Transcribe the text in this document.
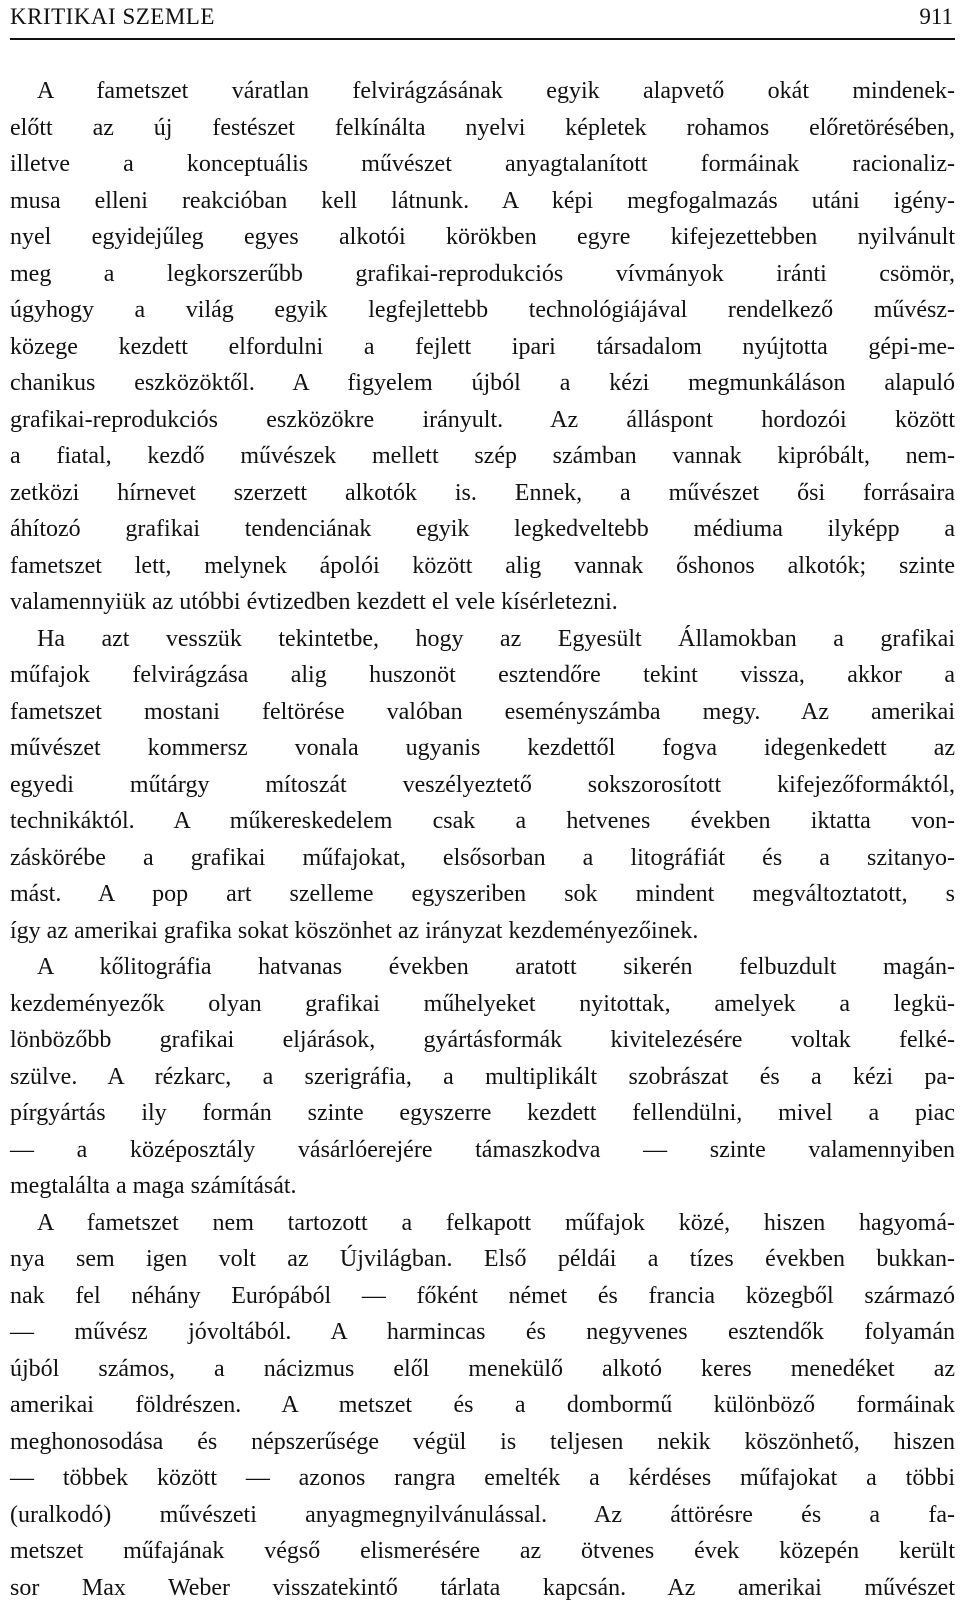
KRITIKAI SZEMLE	911
A fametszet váratlan felvirágzásának egyik alapvető okát mindenek-
előtt az új festészet felkínálta nyelvi képletek rohamos előretörésében,
illetve a konceptuális művészet anyagtalanított formáinak racionaliz-
musa elleni reakcióban kell látnunk. A képi megfogalmazás utáni igény-
nyel egyidejűleg egyes alkotói körökben egyre kifejezettebben nyilvánult
meg a legkorszerűbb grafikai-reprodukciós vívmányok iránti csömör,
úgyhogy a világ egyik legfejlettebb technológiájával rendelkező művész-
közege kezdett elfordulni a fejlett ipari társadalom nyújtotta gépi-me-
chanikus eszközöktől. A figyelem újból a kézi megmunkáláson alapuló
grafikai-reprodukciós eszközökre irányult. Az álláspont hordozói között
a fiatal, kezdő művészek mellett szép számban vannak kipróbált, nem-
zetközi hírnevet szerzett alkotók is. Ennek, a művészet ősi forrásaira
áhítozó grafikai tendenciának egyik legkedveltebb médiuma ilyképp a
fametszet lett, melynek ápolói között alig vannak őshonos alkotók; szinte
valamennyiük az utóbbi évtizedben kezdett el vele kísérletezni.
Ha azt vesszük tekintetbe, hogy az Egyesült Államokban a grafikai
műfajok felvirágzása alig huszonöt esztendőre tekint vissza, akkor a
fametszet mostani feltörése valóban eseményszámba megy. Az amerikai
művészet kommersz vonala ugyanis kezdettől fogva idegenkedett az
egyedi műtárgy mítoszát veszélyeztető sokszorosított kifejezőformáktól,
technikáktól. A műkereskedelem csak a hetvenes években iktatta von-
záskörébe a grafikai műfajokat, elsősorban a litográfiát és a szitanyo-
mást. A pop art szelleme egyszeriben sok mindent megváltoztatott, s
így az amerikai grafika sokat köszönhet az irányzat kezdeményezőinek.
A kőlitográfia hatvanas években aratott sikerén felbuzdult magán-
kezdeményezők olyan grafikai műhelyeket nyitottak, amelyek a legkü-
lönbözőbb grafikai eljárások, gyártásformák kivitelezésére voltak felké-
szülve. A rézkarc, a szerigráfia, a multiplikált szobrászat és a kézi pa-
pírgyártás ily formán szinte egyszerre kezdett fellendülni, mivel a piac
— a középosztály vásárlóerejére támaszkodva — szinte valamennyiben
megtalálta a maga számítását.
A fametszet nem tartozott a felkapott műfajok közé, hiszen hagyomá-
nya sem igen volt az Újvilágban. Első példái a tízes években bukkan-
nak fel néhány Európából — főként német és francia közegből származó
— művész jóvoltából. A harmincas és negyvenes esztendők folyamán
újból számos, a nácizmus elől menekülő alkotó keres menedéket az
amerikai földrészen. A metszet és a dombormű különböző formáinak
meghonosodása és népszerűsége végül is teljesen nekik köszönhető, hiszen
— többek között — azonos rangra emelték a kérdéses műfajokat a többi
(uralkodó) művészeti anyagmegnyilvánulással. Az áttörésre és a fa-
metszet műfajának végső elismerésére az ötvenes évek közepén került
sor Max Weber visszatekintő tárlata kapcsán. Az amerikai művészet
